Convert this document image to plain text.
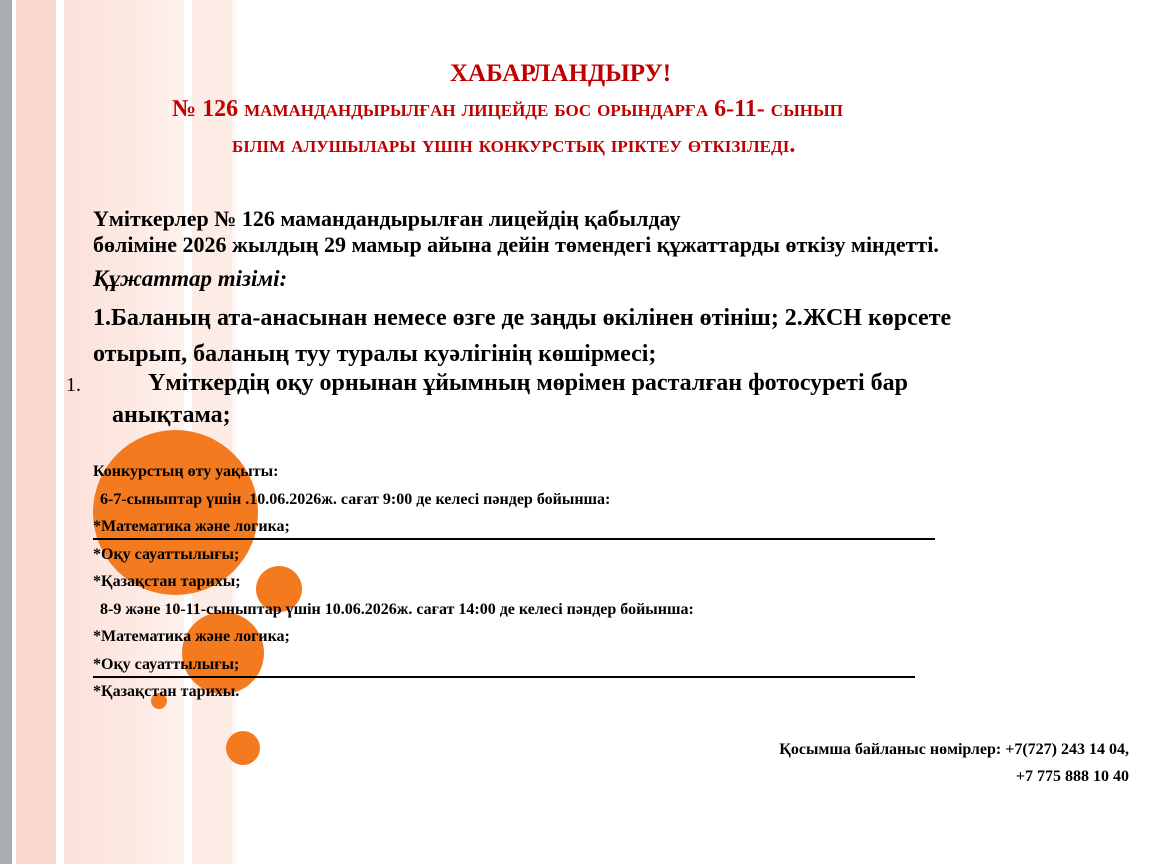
ХАБАРЛАНДЫРУ!
№ 126 мамандандырылған лицейде бос орындарға 6-11- сынып
білім алушылары үшін конкурстық іріктеу өткізіледі.
Үміткерлер № 126 мамандандырылған лицейдің қабылдау
бөліміне 2026 жылдың 29 мамыр айына дейін төмендегі құжаттарды өткізу міндетті.
Құжаттар тізімі:
1.Баланың ата-анасынан немесе өзге де заңды өкілінен өтініш; 2.ЖСН көрсете
отырып, баланың туу туралы куәлігінің көшірмесі;
1.	Үміткердің оқу орнынан ұйымның мөрімен расталған фотосуреті бар
анықтама;
Конкурстың өту уақыты:
6-7-сыныптар үшін .10.06.2026ж. сағат 9:00 де келесі пәндер бойынша:
*Математика және логика;
*Оқу сауаттылығы;
*Қазақстан тарихы;
8-9 және 10-11-сыныптар үшін 10.06.2026ж. сағат 14:00 де келесі пәндер бойынша:
*Математика және логика;
*Оқу сауаттылығы;
*Қазақстан тарихы.
Қосымша байланыс нөмірлер: +7(727) 243 14 04,
+7 775 888 10 40
